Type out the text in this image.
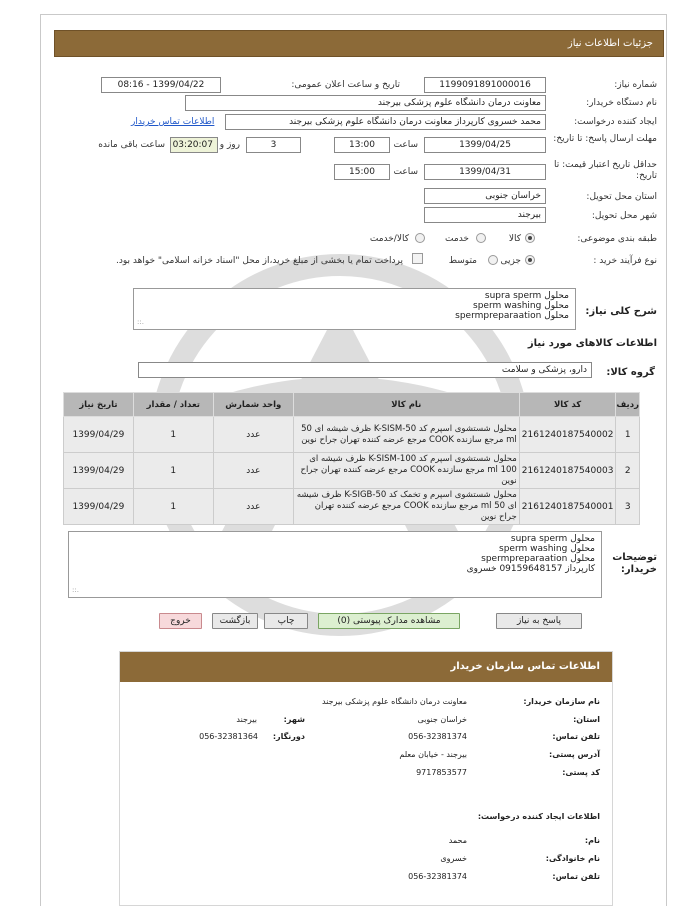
جزئیات اطلاعات نیاز
شماره نیاز:
1199091891000016
تاریخ و ساعت اعلان عمومی:
1399/04/22 - 08:16
نام دستگاه خریدار:
معاونت درمان دانشگاه علوم پزشکی بیرجند
ایجاد کننده درخواست:
محمد خسروی کارپرداز معاونت درمان دانشگاه علوم پزشکی بیرجند
اطلاعات تماس خریدار
مهلت ارسال پاسخ: تا تاریخ:
1399/04/25
ساعت
13:00
3
روز و
03:20:07
ساعت باقی مانده
حداقل تاریخ اعتبار قیمت: تا تاریخ:
1399/04/31
ساعت
15:00
استان محل تحویل:
خراسان جنوبی
شهر محل تحویل:
بیرجند
طبقه بندی موضوعی:
کالا
خدمت
کالا/خدمت
نوع فرآیند خرید :
جزیی
متوسط
پرداخت تمام یا بخشی از مبلغ خرید،از محل "اسناد خزانه اسلامی" خواهد بود.
شرح کلی نیاز:
محلول supra sperm
محلول sperm washing
محلول spermpreparaation
.::
اطلاعات کالاهای مورد نیاز
گروه کالا:
دارو، پزشکی و سلامت
ردیف	کد کالا	نام کالا	واحد شمارش	تعداد / مقدار	تاریخ نیاز
1	2161240187540002	محلول شستشوی اسپرم کد K-SISM-50 ظرف شیشه ای 50 ml مرجع سازنده COOK مرجع عرضه کننده تهران جراح نوین	عدد	1	1399/04/29
2	2161240187540003	محلول شستشوی اسپرم کد K-SISM-100 ظرف شیشه ای 100 ml مرجع سازنده COOK مرجع عرضه کننده تهران جراح نوین	عدد	1	1399/04/29
3	2161240187540001	محلول شستشوی اسپرم و تخمک کد K-SIGB-50 ظرف شیشه ای 50 ml مرجع سازنده COOK مرجع عرضه کننده تهران جراح نوین	عدد	1	1399/04/29
توضیحات خریدار:
محلول supra sperm
محلول sperm washing
محلول spermpreparaation
کارپرداز 09159648157 خسروی
.::
پاسخ به نیاز
مشاهده مدارک پیوستی (0)
چاپ
بازگشت
خروج
اطلاعات تماس سازمان خریدار
نام سازمان خریدار:
معاونت درمان دانشگاه علوم پزشکی بیرجند
استان:
خراسان جنوبی
شهر:
بیرجند
تلفن تماس:
056-32381374
دورنگار:
056-32381364
آدرس پستی:
بیرجند - خیابان معلم
کد پستی:
9717853577
اطلاعات ایجاد کننده درخواست:
نام:
محمد
نام خانوادگی:
خسروی
تلفن تماس:
056-32381374
